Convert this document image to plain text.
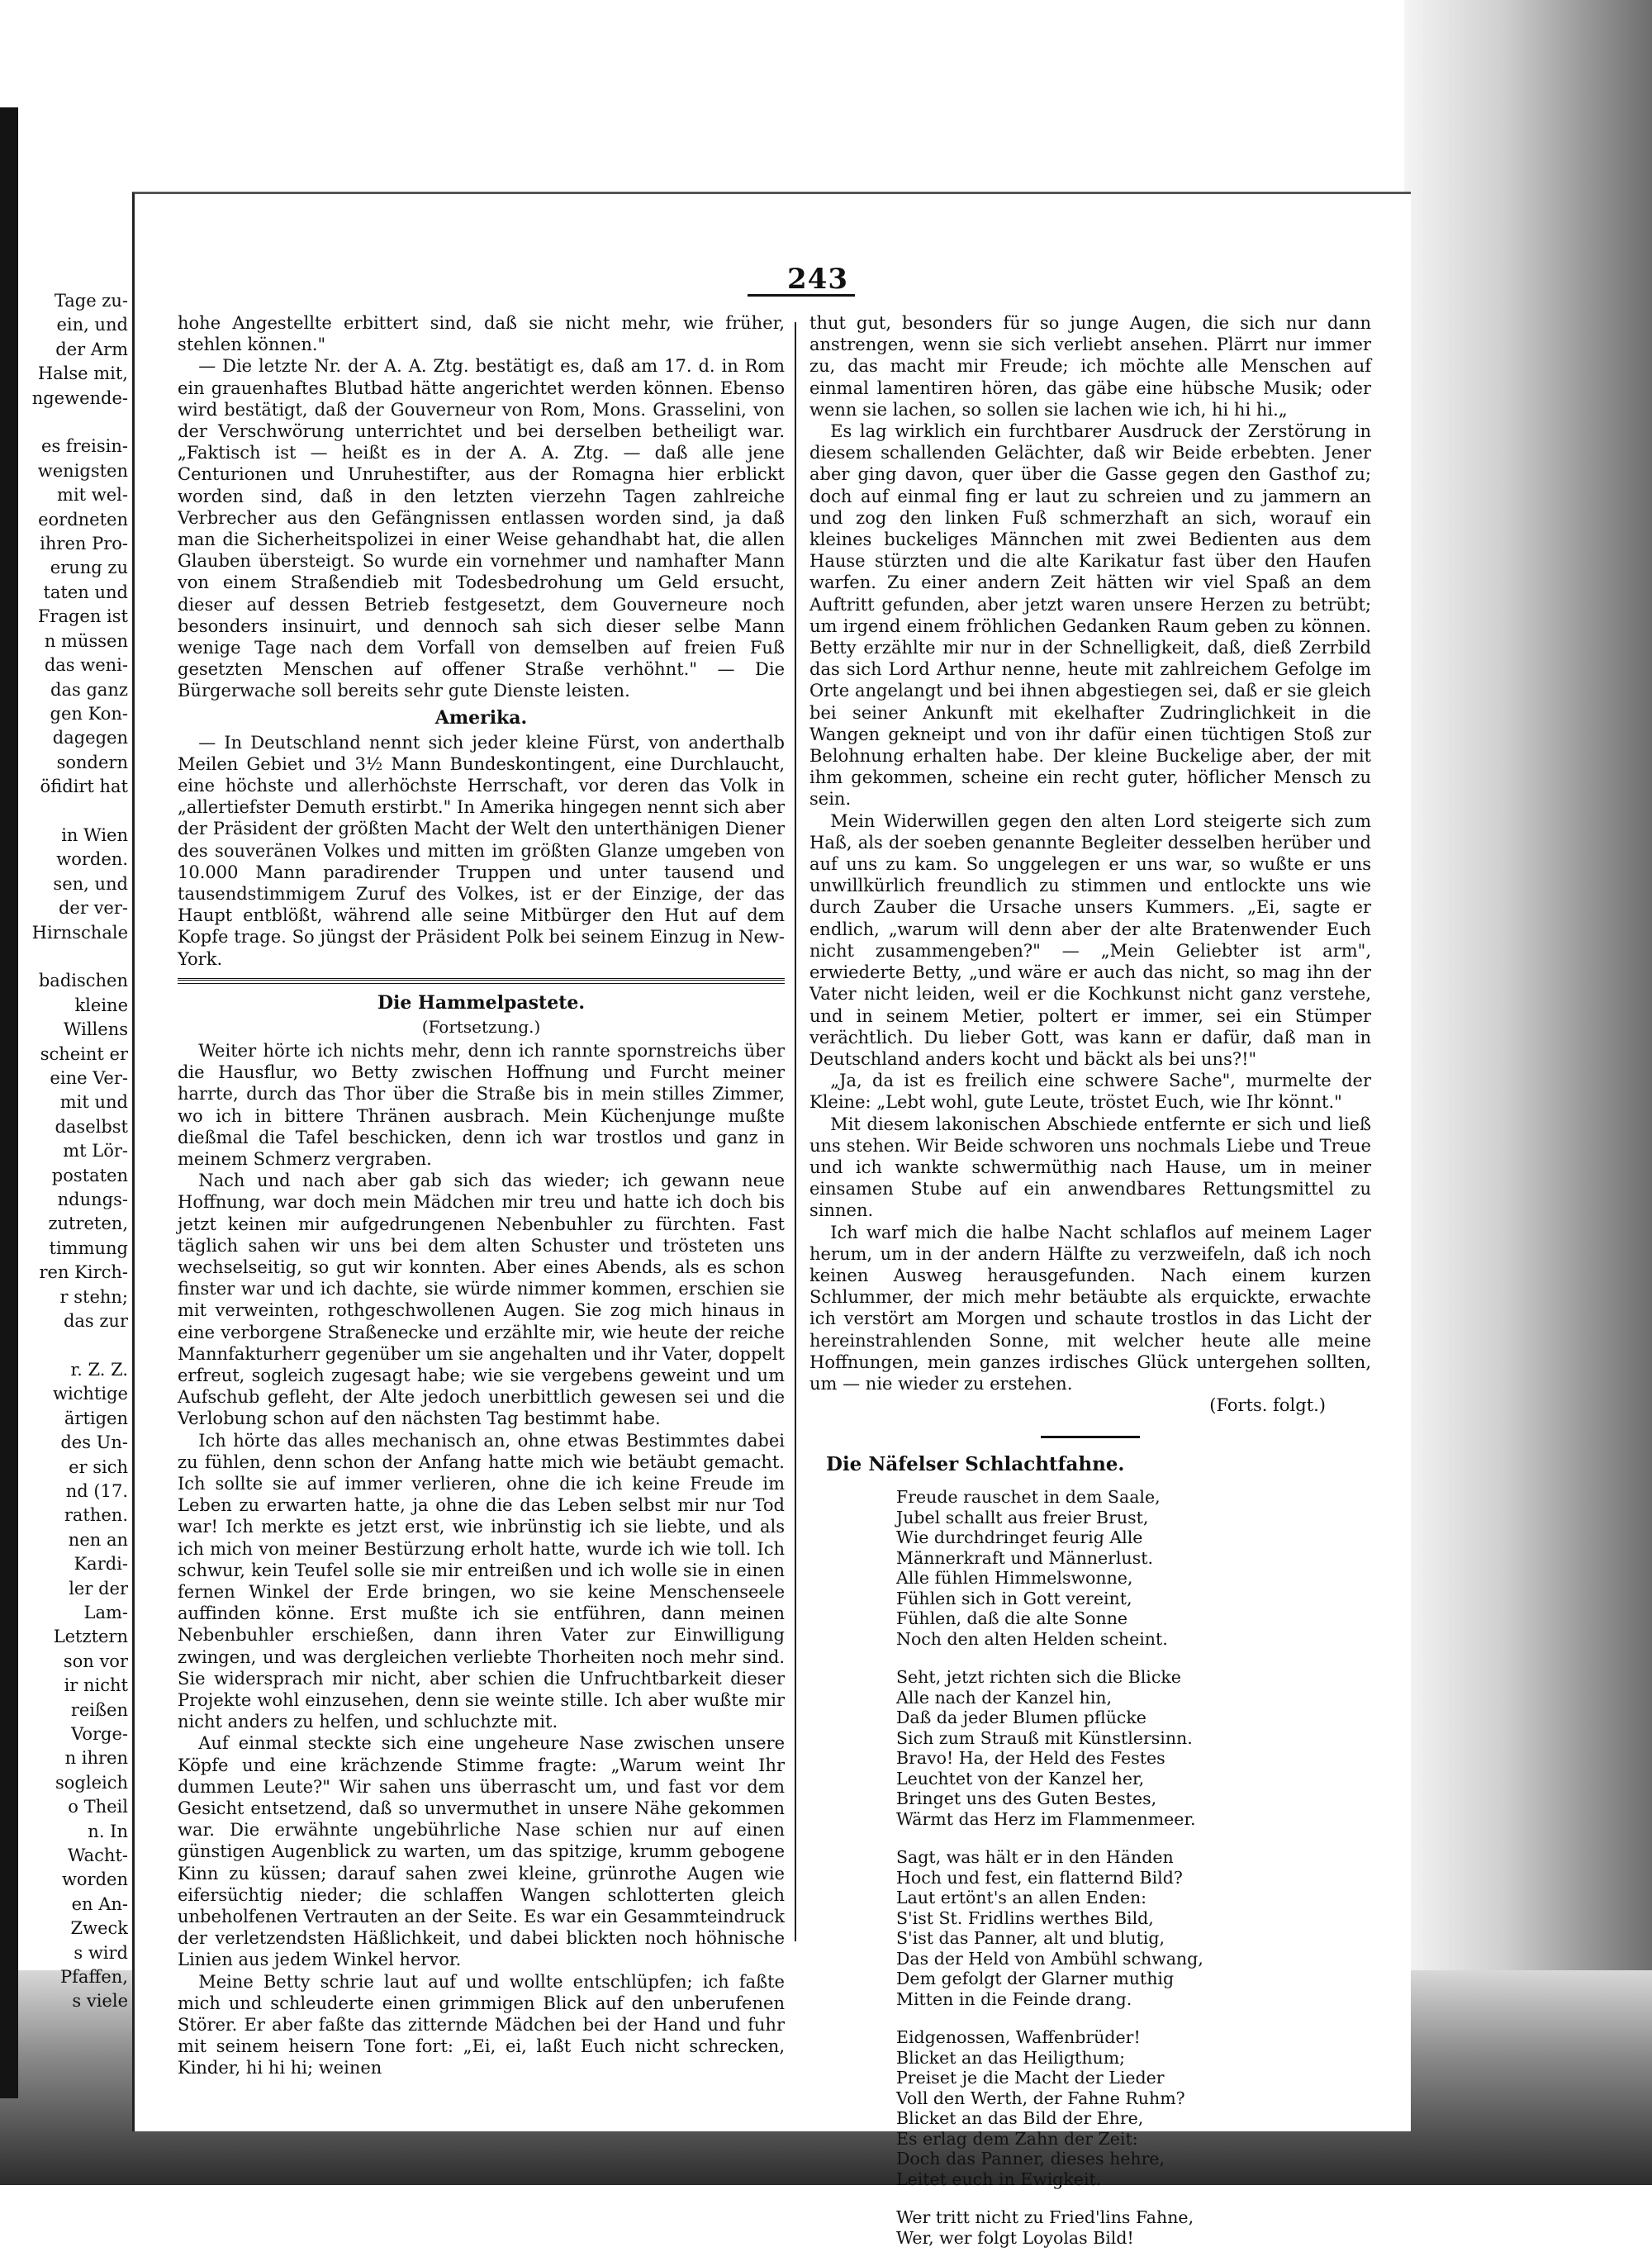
Tage zu-
ein, und
der Arm
Halse mit,
ngewende-

es freisin-
wenigsten
mit wel-
eordneten
ihren Pro-
erung zu
taten und
Fragen ist
n müssen
das weni-
das ganz
gen Kon-
dagegen
sondern
öfidirt hat

in Wien
worden.
sen, und
der ver-
Hirnschale

badischen
kleine
Willens
scheint er
eine Ver-
mit und
daselbst
mt Lör-
postaten
ndungs-
zutreten,
timmung
ren Kirch-
r stehn;
das zur

r. Z. Z.
wichtige
ärtigen
des Un-
er sich
nd (17.
rathen.
nen an
Kardi-
ler der
Lam-
Letztern
son vor
ir nicht
reißen
Vorge-
n ihren
sogleich
o Theil
n. In
Wacht-
worden
en An-
Zweck
s wird
Pfaffen,
s viele
243

hohe Angestellte erbittert sind, daß sie nicht mehr, wie früher, stehlen können."

— Die letzte Nr. der A. A. Ztg. bestätigt es, daß am 17. d. in Rom ein grauenhaftes Blutbad hätte angerichtet werden können. Ebenso wird bestätigt, daß der Gouverneur von Rom, Mons. Grasselini, von der Verschwörung unterrichtet und bei derselben betheiligt war. „Faktisch ist — heißt es in der A. A. Ztg. — daß alle jene Centurionen und Unruhestifter, aus der Romagna hier erblickt worden sind, daß in den letzten vierzehn Tagen zahlreiche Verbrecher aus den Gefängnissen entlassen worden sind, ja daß man die Sicherheitspolizei in einer Weise gehandhabt hat, die allen Glauben übersteigt. So wurde ein vornehmer und namhafter Mann von einem Straßendieb mit Todesbedrohung um Geld ersucht, dieser auf dessen Betrieb festgesetzt, dem Gouverneure noch besonders insinuirt, und dennoch sah sich dieser selbe Mann wenige Tage nach dem Vorfall von demselben auf freien Fuß gesetzten Menschen auf offener Straße verhöhnt." — Die Bürgerwache soll bereits sehr gute Dienste leisten.

Amerika.

— In Deutschland nennt sich jeder kleine Fürst, von anderthalb Meilen Gebiet und 3½ Mann Bundeskontingent, eine Durchlaucht, eine höchste und allerhöchste Herrschaft, vor deren das Volk in „allertiefster Demuth erstirbt." In Amerika hingegen nennt sich aber der Präsident der größten Macht der Welt den unterthänigen Diener des souveränen Volkes und mitten im größten Glanze umgeben von 10.000 Mann paradirender Truppen und unter tausend und tausendstimmigem Zuruf des Volkes, ist er der Einzige, der das Haupt entblößt, während alle seine Mitbürger den Hut auf dem Kopfe trage. So jüngst der Präsident Polk bei seinem Einzug in New-York.

Die Hammelpastete.
(Fortsetzung.)

Weiter hörte ich nichts mehr, denn ich rannte spornstreichs über die Hausflur, wo Betty zwischen Hoffnung und Furcht meiner harrte, durch das Thor über die Straße bis in mein stilles Zimmer, wo ich in bittere Thränen ausbrach. Mein Küchenjunge mußte dießmal die Tafel beschicken, denn ich war trostlos und ganz in meinem Schmerz vergraben.

Nach und nach aber gab sich das wieder; ich gewann neue Hoffnung, war doch mein Mädchen mir treu und hatte ich doch bis jetzt keinen mir aufgedrungenen Nebenbuhler zu fürchten. Fast täglich sahen wir uns bei dem alten Schuster und trösteten uns wechselseitig, so gut wir konnten. Aber eines Abends, als es schon finster war und ich dachte, sie würde nimmer kommen, erschien sie mit verweinten, rothgeschwollenen Augen. Sie zog mich hinaus in eine verborgene Straßenecke und erzählte mir, wie heute der reiche Mannfakturherr gegenüber um sie angehalten und ihr Vater, doppelt erfreut, sogleich zugesagt habe; wie sie vergebens geweint und um Aufschub gefleht, der Alte jedoch unerbittlich gewesen sei und die Verlobung schon auf den nächsten Tag bestimmt habe.

Ich hörte das alles mechanisch an, ohne etwas Bestimmtes dabei zu fühlen, denn schon der Anfang hatte mich wie betäubt gemacht. Ich sollte sie auf immer verlieren, ohne die ich keine Freude im Leben zu erwarten hatte, ja ohne die das Leben selbst mir nur Tod war! Ich merkte es jetzt erst, wie inbrünstig ich sie liebte, und als ich mich von meiner Bestürzung erholt hatte, wurde ich wie toll. Ich schwur, kein Teufel solle sie mir entreißen und ich wolle sie in einen fernen Winkel der Erde bringen, wo sie keine Menschenseele auffinden könne. Erst mußte ich sie entführen, dann meinen Nebenbuhler erschießen, dann ihren Vater zur Einwilligung zwingen, und was dergleichen verliebte Thorheiten noch mehr sind. Sie widersprach mir nicht, aber schien die Unfruchtbarkeit dieser Projekte wohl einzusehen, denn sie weinte stille. Ich aber wußte mir nicht anders zu helfen, und schluchzte mit.

Auf einmal steckte sich eine ungeheure Nase zwischen unsere Köpfe und eine krächzende Stimme fragte: „Warum weint Ihr dummen Leute?" Wir sahen uns überrascht um, und fast vor dem Gesicht entsetzend, daß so unvermuthet in unsere Nähe gekommen war. Die erwähnte ungebührliche Nase schien nur auf einen günstigen Augenblick zu warten, um das spitzige, krumm gebogene Kinn zu küssen; darauf sahen zwei kleine, grünrothe Augen wie eifersüchtig nieder; die schlaffen Wangen schlotterten gleich unbeholfenen Vertrauten an der Seite. Es war ein Gesammteindruck der verletzendsten Häßlichkeit, und dabei blickten noch höhnische Linien aus jedem Winkel hervor.

Meine Betty schrie laut auf und wollte entschlüpfen; ich faßte mich und schleuderte einen grimmigen Blick auf den unberufenen Störer. Er aber faßte das zitternde Mädchen bei der Hand und fuhr mit seinem heisern Tone fort: „Ei, ei, laßt Euch nicht schrecken, Kinder, hi hi hi; weinen

thut gut, besonders für so junge Augen, die sich nur dann anstrengen, wenn sie sich verliebt ansehen. Plärrt nur immer zu, das macht mir Freude; ich möchte alle Menschen auf einmal lamentiren hören, das gäbe eine hübsche Musik; oder wenn sie lachen, so sollen sie lachen wie ich, hi hi hi.„

Es lag wirklich ein furchtbarer Ausdruck der Zerstörung in diesem schallenden Gelächter, daß wir Beide erbebten. Jener aber ging davon, quer über die Gasse gegen den Gasthof zu; doch auf einmal fing er laut zu schreien und zu jammern an und zog den linken Fuß schmerzhaft an sich, worauf ein kleines buckeliges Männchen mit zwei Bedienten aus dem Hause stürzten und die alte Karikatur fast über den Haufen warfen. Zu einer andern Zeit hätten wir viel Spaß an dem Auftritt gefunden, aber jetzt waren unsere Herzen zu betrübt; um irgend einem fröhlichen Gedanken Raum geben zu können. Betty erzählte mir nur in der Schnelligkeit, daß, dieß Zerrbild das sich Lord Arthur nenne, heute mit zahlreichem Gefolge im Orte angelangt und bei ihnen abgestiegen sei, daß er sie gleich bei seiner Ankunft mit ekelhafter Zudringlichkeit in die Wangen gekneipt und von ihr dafür einen tüchtigen Stoß zur Belohnung erhalten habe. Der kleine Buckelige aber, der mit ihm gekommen, scheine ein recht guter, höflicher Mensch zu sein.

Mein Widerwillen gegen den alten Lord steigerte sich zum Haß, als der soeben genannte Begleiter desselben herüber und auf uns zu kam. So unggelegen er uns war, so wußte er uns unwillkürlich freundlich zu stimmen und entlockte uns wie durch Zauber die Ursache unsers Kummers. „Ei, sagte er endlich, „warum will denn aber der alte Bratenwender Euch nicht zusammengeben?" — „Mein Geliebter ist arm", erwiederte Betty, „und wäre er auch das nicht, so mag ihn der Vater nicht leiden, weil er die Kochkunst nicht ganz verstehe, und in seinem Metier, poltert er immer, sei ein Stümper verächtlich. Du lieber Gott, was kann er dafür, daß man in Deutschland anders kocht und bäckt als bei uns?!"

„Ja, da ist es freilich eine schwere Sache", murmelte der Kleine: „Lebt wohl, gute Leute, tröstet Euch, wie Ihr könnt."

Mit diesem lakonischen Abschiede entfernte er sich und ließ uns stehen. Wir Beide schworen uns nochmals Liebe und Treue und ich wankte schwermüthig nach Hause, um in meiner einsamen Stube auf ein anwendbares Rettungsmittel zu sinnen.

Ich warf mich die halbe Nacht schlaflos auf meinem Lager herum, um in der andern Hälfte zu verzweifeln, daß ich noch keinen Ausweg herausgefunden. Nach einem kurzen Schlummer, der mich mehr betäubte als erquickte, erwachte ich verstört am Morgen und schaute trostlos in das Licht der hereinstrahlenden Sonne, mit welcher heute alle meine Hoffnungen, mein ganzes irdisches Glück untergehen sollten, um — nie wieder zu erstehen.

(Forts. folgt.)
Die Näfelser Schlachtfahne.
Freude rauschet in dem Saale,
Jubel schallt aus freier Brust,
Wie durchdringet feurig Alle
Männerkraft und Männerlust.
Alle fühlen Himmelswonne,
Fühlen sich in Gott vereint,
Fühlen, daß die alte Sonne
Noch den alten Helden scheint.
Seht, jetzt richten sich die Blicke
Alle nach der Kanzel hin,
Daß da jeder Blumen pflücke
Sich zum Strauß mit Künstlersinn.
Bravo! Ha, der Held des Festes
Leuchtet von der Kanzel her,
Bringet uns des Guten Bestes,
Wärmt das Herz im Flammenmeer.
Sagt, was hält er in den Händen
Hoch und fest, ein flatternd Bild?
Laut ertönt's an allen Enden:
S'ist St. Fridlins werthes Bild,
S'ist das Panner, alt und blutig,
Das der Held von Ambühl schwang,
Dem gefolgt der Glarner muthig
Mitten in die Feinde drang.
Eidgenossen, Waffenbrüder!
Blicket an das Heiligthum;
Preiset je die Macht der Lieder
Voll den Werth, der Fahne Ruhm?
Blicket an das Bild der Ehre,
Es erlag dem Zahn der Zeit:
Doch das Panner, dieses hehre,
Leitet euch in Ewigkeit.
Wer tritt nicht zu Fried'lins Fahne,
Wer, wer folgt Loyolas Bild!
